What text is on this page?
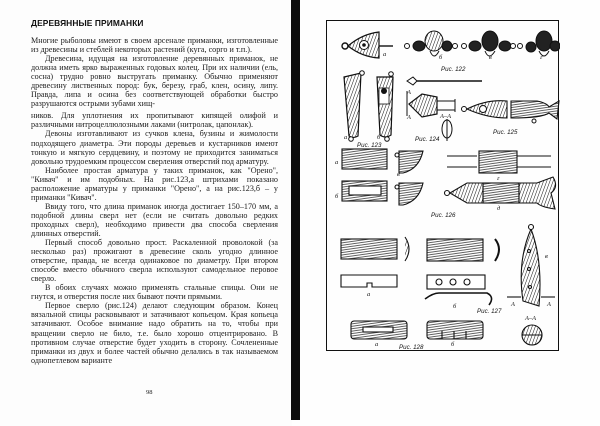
ДЕРЕВЯННЫЕ ПРИМАНКИ

Многие рыболовы имеют в своем арсенале приманки, изготовленные из древесины и стеблей некоторых растений (куга, сорго и т.п.).

Древесина, идущая на изготовление деревянных приманок, не должна иметь ярко выраженных годовых колец. При их наличии (ель, сосна) трудно ровно выстругать приманку. Обычно применяют древесину лиственных пород: бук, березу, граб, клен, осину, липу. Правда, липа и осина без соответствующей обработки быстро разрушаются острыми зубами хищ-

ников. Для уплотнения их пропитывают кипящей олифой и различными нитроцеллюлозными лаками (нитролак, цапонлак).

Девоны изготавливают из сучков клена, бузины и жимолости подходящего диаметра. Эти породы деревьев и кустарников имеют тонкую и мягкую сердцевину, и поэтому не приходится заниматься довольно трудоемким процессом сверления отверстий под арматуру.

Наиболее простая арматура у таких приманок, как "Орено", "Кивач" и им подобных. На рис.123,а штрихами показано расположение арматуры у приманки "Орено", а на рис.123,б – у приманки "Кивач".

Ввиду того, что длина приманок иногда достигает 150–170 мм, а подобной длины сверл нет (если не считать довольно редких проходных сверл), необходимо привести два способа сверления длинных отверстий.

Первый способ довольно прост. Раскаленной проволокой (за несколько раз) прожигают в древесине сколь угодно длинное отверстие, правда, не всегда одинаковое по диаметру. При втором способе вместо обычного сверла используют самодельное перовое сверло.

В обоих случаях можно применять стальные спицы. Они не гнутся, и отверстия после них бывают почти прямыми.

Первое сверло (рис.124) делают следующим образом. Конец вязальной спицы расковывают и затачивают копьецом. Края копьеца затачивают. Особое внимание надо обратить на то, чтобы при вращении сверло не било, т.е. было хорошо отцентрировано. В противном случае отверстие будет уходить в сторону. Сочлененные приманки из двух и более частей обычно делались в так называемом однопетлевом варианте

98
а	б	в	г
Рис. 122
а	б
Рис. 123
А
А	А–А
Рис. 124
Рис. 125
а
б
в
г
д
Рис. 126
а
б
в
А	А
А–А
Рис. 127
а	б
Рис. 128
